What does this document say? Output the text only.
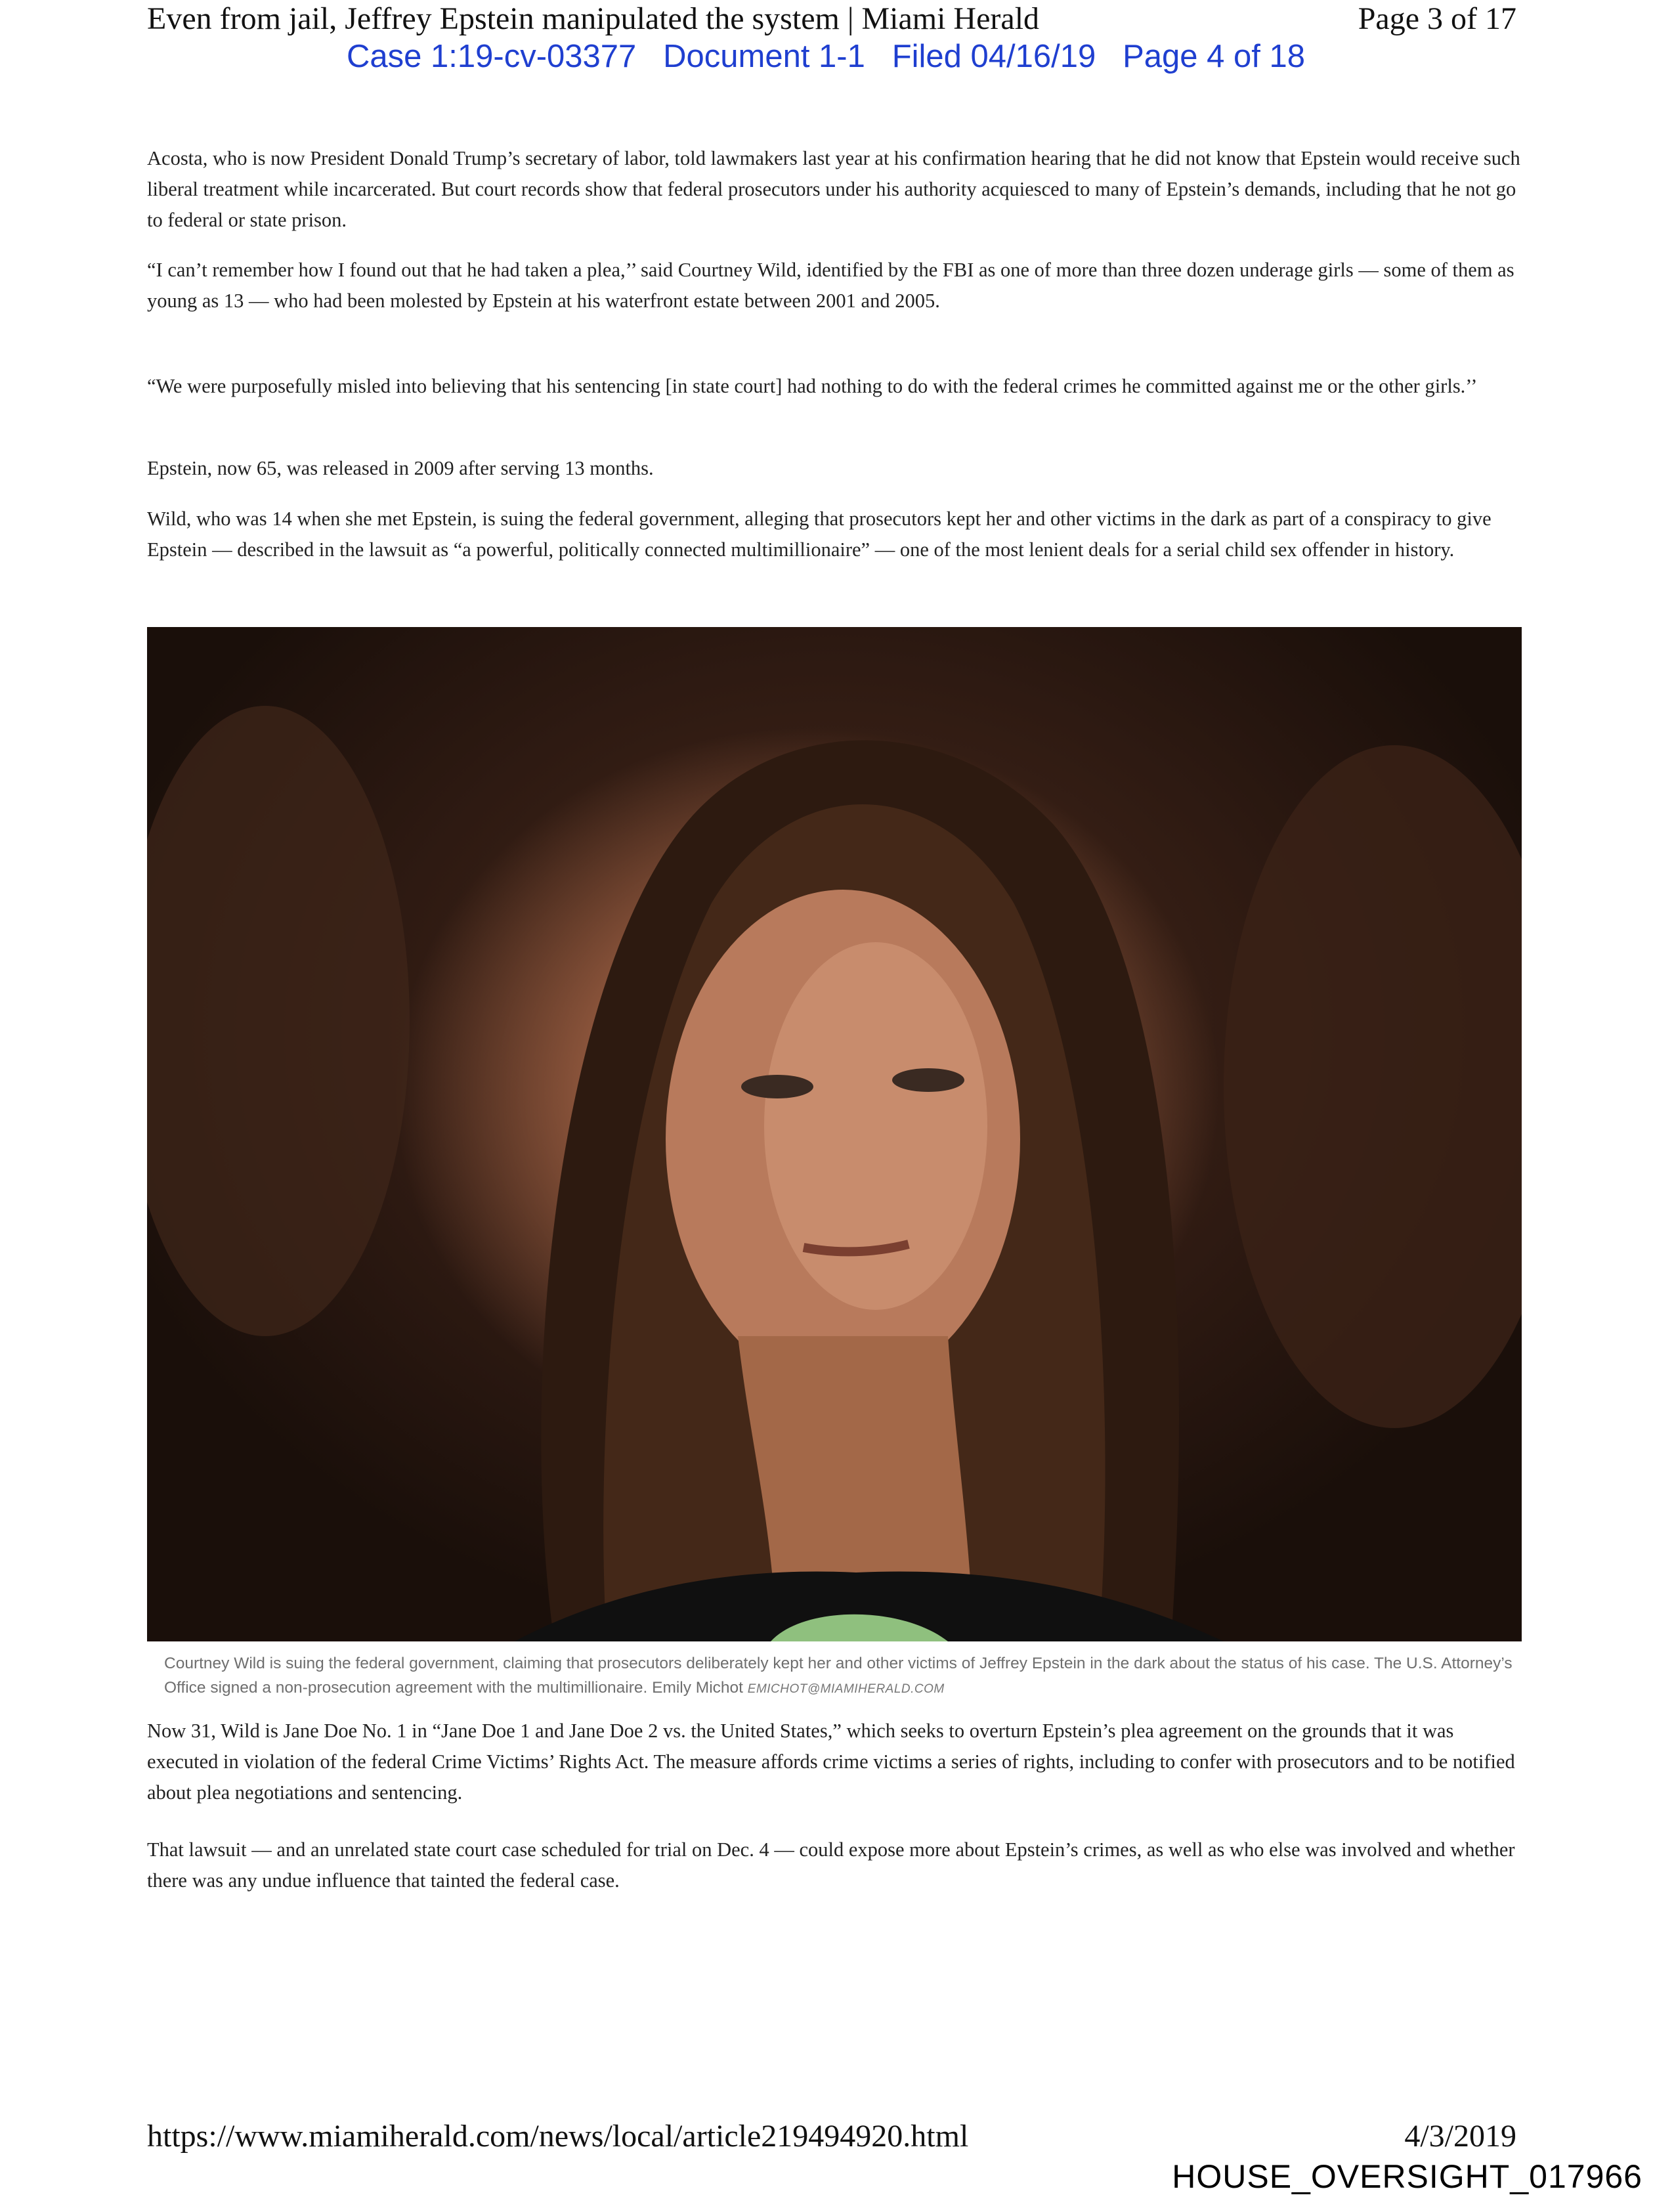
Even from jail, Jeffrey Epstein manipulated the system | Miami Herald	Page 3 of 17
Case 1:19-cv-03377 Document 1-1 Filed 04/16/19 Page 4 of 18

Acosta, who is now President Donald Trump’s secretary of labor, told lawmakers last year at his confirmation hearing that he did not know that Epstein would receive such liberal treatment while incarcerated. But court records show that federal prosecutors under his authority acquiesced to many of Epstein’s demands, including that he not go to federal or state prison.

“I can’t remember how I found out that he had taken a plea,’’ said Courtney Wild, identified by the FBI as one of more than three dozen underage girls — some of them as young as 13 — who had been molested by Epstein at his waterfront estate between 2001 and 2005.

“We were purposefully misled into believing that his sentencing [in state court] had nothing to do with the federal crimes he committed against me or the other girls.’’

Epstein, now 65, was released in 2009 after serving 13 months.

Wild, who was 14 when she met Epstein, is suing the federal government, alleging that prosecutors kept her and other victims in the dark as part of a conspiracy to give Epstein — described in the lawsuit as “a powerful, politically connected multimillionaire” — one of the most lenient deals for a serial child sex offender in history.

Courtney Wild is suing the federal government, claiming that prosecutors deliberately kept her and other victims of Jeffrey Epstein in the dark about the status of his case. The U.S. Attorney’s Office signed a non-prosecution agreement with the multimillionaire. Emily Michot EMICHOT@MIAMIHERALD.COM

Now 31, Wild is Jane Doe No. 1 in “Jane Doe 1 and Jane Doe 2 vs. the United States,” which seeks to overturn Epstein’s plea agreement on the grounds that it was executed in violation of the federal Crime Victims’ Rights Act. The measure affords crime victims a series of rights, including to confer with prosecutors and to be notified about plea negotiations and sentencing.

That lawsuit — and an unrelated state court case scheduled for trial on Dec. 4 — could expose more about Epstein’s crimes, as well as who else was involved and whether there was any undue influence that tainted the federal case.

https://www.miamiherald.com/news/local/article219494920.html	4/3/2019
HOUSE_OVERSIGHT_017966
